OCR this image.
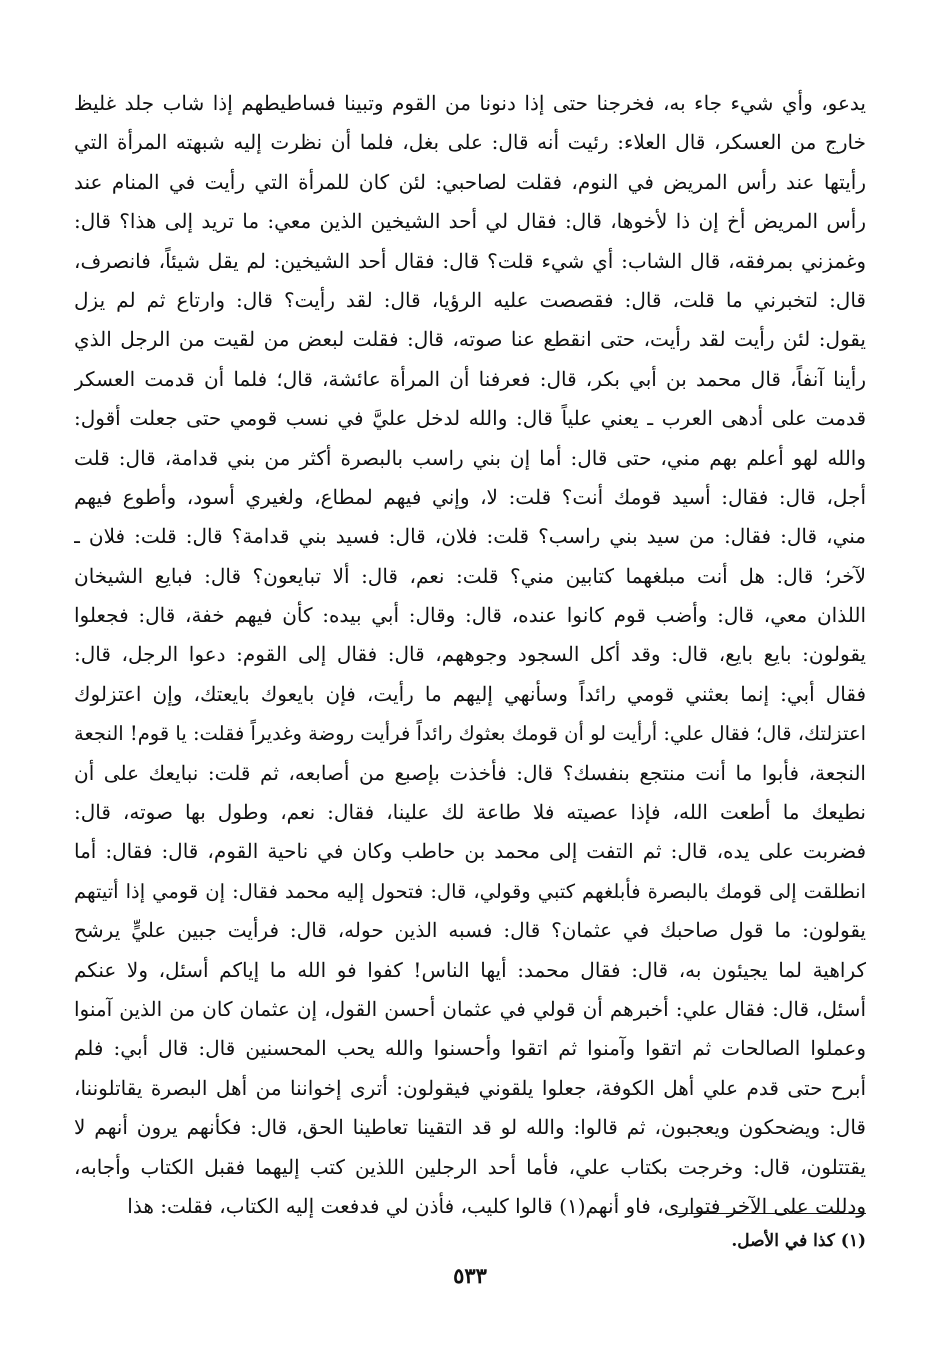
يدعو، وأي شيء جاء به، فخرجنا حتى إذا دنونا من القوم وتبينا فساطيطهم إذا شاب جلد غليظ
خارج من العسكر، قال العلاء: رئيت أنه قال: على بغل، فلما أن نظرت إليه شبهته المرأة التي
رأيتها عند رأس المريض في النوم، فقلت لصاحبي: لئن كان للمرأة التي رأيت في المنام عند
رأس المريض أخ إن ذا لأخوها، قال: فقال لي أحد الشيخين الذين معي: ما تريد إلى هذا؟ قال:
وغمزني بمرفقه، قال الشاب: أي شيء قلت؟ قال: فقال أحد الشيخين: لم يقل شيئاً، فانصرف،
قال: لتخبرني ما قلت، قال: فقصصت عليه الرؤيا، قال: لقد رأيت؟ قال: وارتاع ثم لم يزل
يقول: لئن رأيت لقد رأيت، حتى انقطع عنا صوته، قال: فقلت لبعض من لقيت من الرجل الذي
رأينا آنفاً، قال محمد بن أبي بكر، قال: فعرفنا أن المرأة عائشة، قال؛ فلما أن قدمت العسكر
قدمت على أدهى العرب ـ يعني علياً قال: والله لدخل عليَّ في نسب قومي حتى جعلت أقول:
والله لهو أعلم بهم مني، حتى قال: أما إن بني راسب بالبصرة أكثر من بني قدامة، قال: قلت
أجل، قال: فقال: أسيد قومك أنت؟ قلت: لا، وإني فيهم لمطاع، ولغيري أسود، وأطوع فيهم
مني، قال: فقال: من سيد بني راسب؟ قلت: فلان، قال: فسيد بني قدامة؟ قال: قلت: فلان ـ
لآخر؛ قال: هل أنت مبلغهما كتابين مني؟ قلت: نعم، قال: ألا تبايعون؟ قال: فبايع الشيخان
اللذان معي، قال: وأضب قوم كانوا عنده، قال: وقال: أبي بيده: كأن فيهم خفة، قال: فجعلوا
يقولون: بايع بايع، قال: وقد أكل السجود وجوههم، قال: فقال إلى القوم: دعوا الرجل، قال:
فقال أبي: إنما بعثني قومي رائداً وسأنهي إليهم ما رأيت، فإن بايعوك بايعتك، وإن اعتزلوك
اعتزلتك، قال؛ فقال علي: أرأيت لو أن قومك بعثوك رائداً فرأيت روضة وغديراً فقلت: يا قوم! النجعة
النجعة، فأبوا ما أنت منتجع بنفسك؟ قال: فأخذت بإصبع من أصابعه، ثم قلت: نبايعك على أن
نطيعك ما أطعت الله، فإذا عصيته فلا طاعة لك علينا، فقال: نعم، وطول بها صوته، قال:
فضربت على يده، قال: ثم التفت إلى محمد بن حاطب وكان في ناحية القوم، قال: فقال: أما
انطلقت إلى قومك بالبصرة فأبلغهم كتبي وقولي، قال: فتحول إليه محمد فقال: إن قومي إذا أتيتهم
يقولون: ما قول صاحبك في عثمان؟ قال: فسبه الذين حوله، قال: فرأيت جبين عليٍّ يرشح
كراهية لما يجيئون به، قال: فقال محمد: أيها الناس! كفوا فو الله ما إياكم أسئل، ولا عنكم
أسئل، قال: فقال علي: أخبرهم أن قولي في عثمان أحسن القول، إن عثمان كان من الذين آمنوا
وعملوا الصالحات ثم اتقوا وآمنوا ثم اتقوا وأحسنوا والله يحب المحسنين قال: قال أبي: فلم
أبرح حتى قدم علي أهل الكوفة، جعلوا يلقوني فيقولون: أترى إخواننا من أهل البصرة يقاتلوننا،
قال: ويضحكون ويعجبون، ثم قالوا: والله لو قد التقينا تعاطينا الحق، قال: فكأنهم يرون أنهم لا
يقتتلون، قال: وخرجت بكتاب علي، فأما أحد الرجلين اللذين كتب إليهما فقبل الكتاب وأجابه،
ودللت على الآخر فتوارى، فاو أنهم(١) قالوا كليب، فأذن لي فدفعت إليه الكتاب، فقلت: هذا
(١) كذا في الأصل.
٥٣٣
